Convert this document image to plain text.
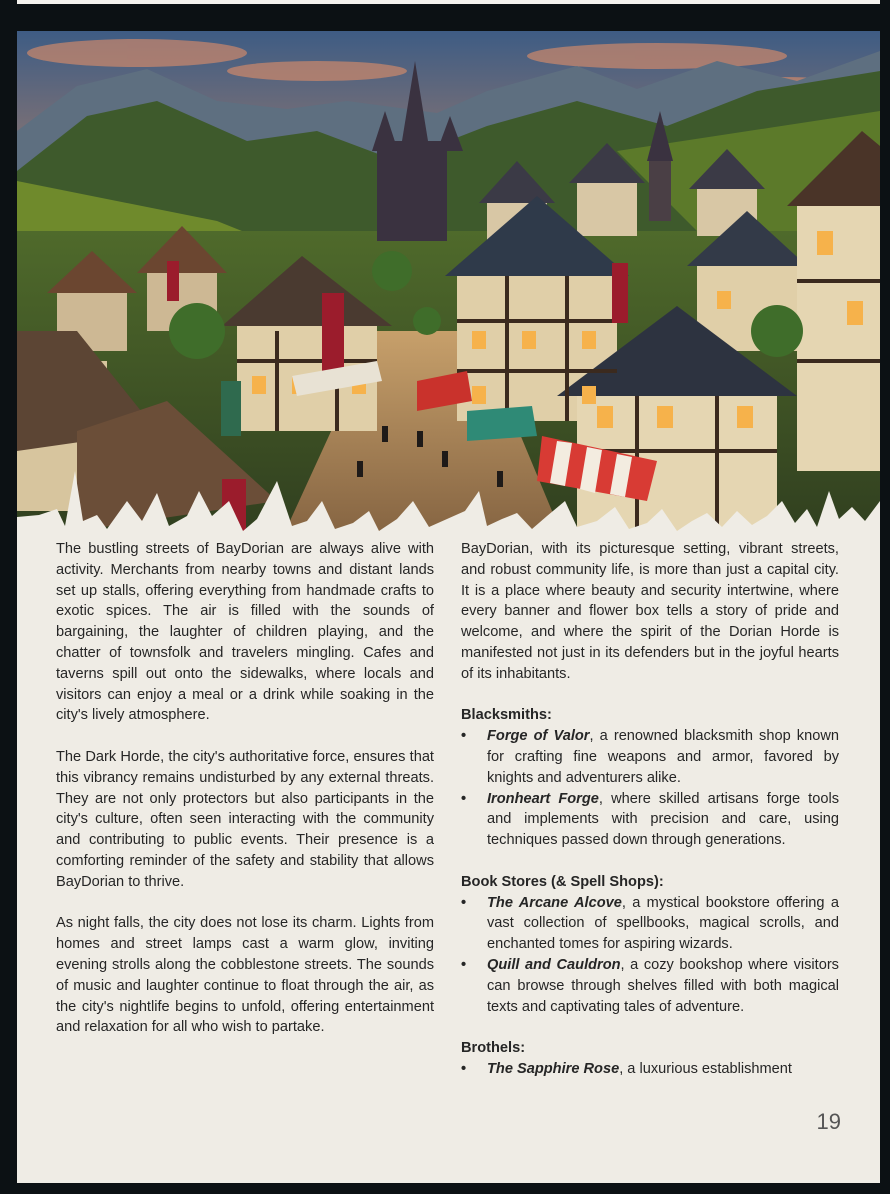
The bustling streets of BayDorian are always alive with activity. Merchants from nearby towns and distant lands set up stalls, offering everything from handmade crafts to exotic spices. The air is filled with the sounds of bargaining, the laughter of children playing, and the chatter of townsfolk and travelers mingling. Cafes and taverns spill out onto the sidewalks, where locals and visitors can enjoy a meal or a drink while soaking in the city's lively atmosphere.

The Dark Horde, the city's authoritative force, ensures that this vibrancy remains undisturbed by any external threats. They are not only protectors but also participants in the city's culture, often seen interacting with the community and contributing to public events. Their presence is a comforting reminder of the safety and stability that allows BayDorian to thrive.

As night falls, the city does not lose its charm. Lights from homes and street lamps cast a warm glow, inviting evening strolls along the cobblestone streets. The sounds of music and laughter continue to float through the air, as the city's nightlife begins to unfold, offering entertainment and relaxation for all who wish to partake.

BayDorian, with its picturesque setting, vibrant streets, and robust community life, is more than just a capital city. It is a place where beauty and security intertwine, where every banner and flower box tells a story of pride and welcome, and where the spirit of the Dorian Horde is manifested not just in its defenders but in the joyful hearts of its inhabitants.

Blacksmiths:
• Forge of Valor, a renowned blacksmith shop known for crafting fine weapons and armor, favored by knights and adventurers alike.
• Ironheart Forge, where skilled artisans forge tools and implements with precision and care, using techniques passed down through generations.
Book Stores (& Spell Shops):
• The Arcane Alcove, a mystical bookstore offering a vast collection of spellbooks, magical scrolls, and enchanted tomes for aspiring wizards.
• Quill and Cauldron, a cozy bookshop where visitors can browse through shelves filled with both magical texts and captivating tales of adventure.
Brothels:
• The Sapphire Rose, a luxurious establishment
19
